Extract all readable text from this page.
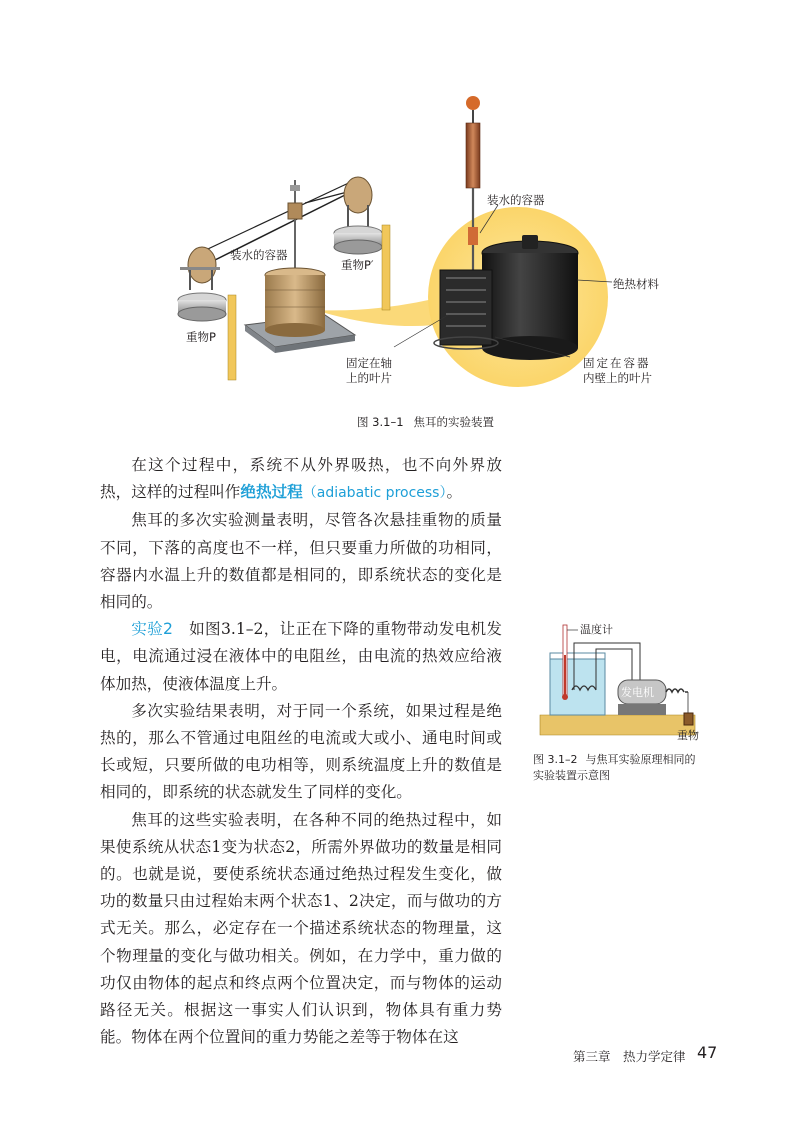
装水的容器
重物P′
重物P
装水的容器
绝热材料
固定在轴
上的叶片
固定在容器
内壁上的叶片
图 3.1–1 焦耳的实验装置

在这个过程中，系统不从外界吸热，也不向外界放热，这样的过程叫作绝热过程（adiabatic process）。

焦耳的多次实验测量表明，尽管各次悬挂重物的质量不同，下落的高度也不一样，但只要重力所做的功相同，容器内水温上升的数值都是相同的，即系统状态的变化是相同的。

实验2　 如图3.1–2，让正在下降的重物带动发电机发电，电流通过浸在液体中的电阻丝，由电流的热效应给液体加热，使液体温度上升。

多次实验结果表明，对于同一个系统，如果过程是绝热的，那么不管通过电阻丝的电流或大或小、通电时间或长或短，只要所做的电功相等，则系统温度上升的数值是相同的，即系统的状态就发生了同样的变化。

焦耳的这些实验表明，在各种不同的绝热过程中，如果使系统从状态1变为状态2，所需外界做功的数量是相同的。也就是说，要使系统状态通过绝热过程发生变化，做功的数量只由过程始末两个状态1、2决定，而与做功的方式无关。那么，必定存在一个描述系统状态的物理量，这个物理量的变化与做功相关。例如，在力学中，重力做的功仅由物体的起点和终点两个位置决定，而与物体的运动路径无关。根据这一事实人们认识到，物体具有重力势能。物体在两个位置间的重力势能之差等于物体在这

温度计
发电机
重物
图 3.1–2 与焦耳实验原理相同的
实验装置示意图
第三章　热力学定律 47
